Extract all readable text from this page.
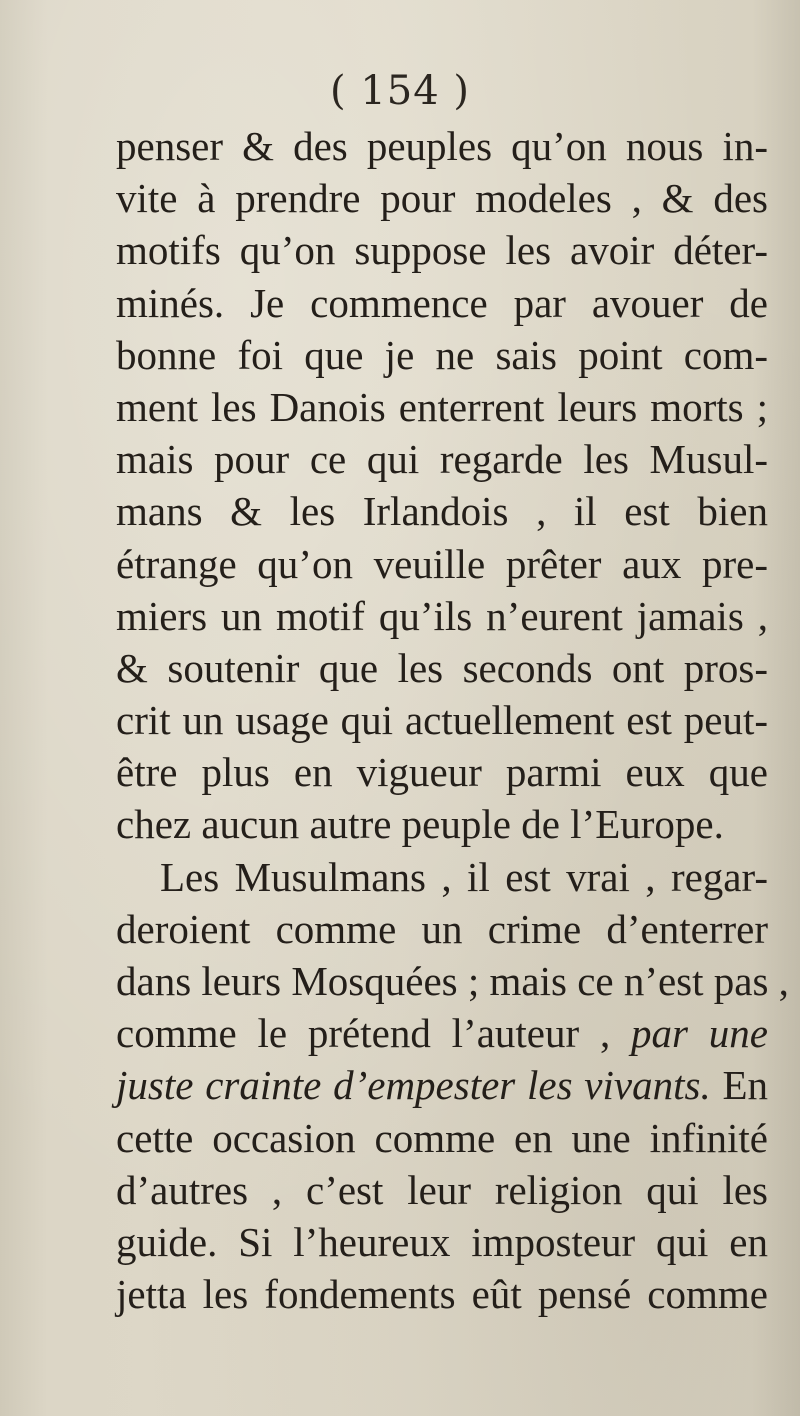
( 154 )
penser & des peuples qu’on nous in-
vite à prendre pour modeles , & des
motifs qu’on suppose les avoir déter-
minés. Je commence par avouer de
bonne foi que je ne sais point com-
ment les Danois enterrent leurs morts ;
mais pour ce qui regarde les Musul-
mans & les Irlandois , il est bien
étrange qu’on veuille prêter aux pre-
miers un motif qu’ils n’eurent jamais ,
& soutenir que les seconds ont pros-
crit un usage qui actuellement est peut-
être plus en vigueur parmi eux que
chez aucun autre peuple de l’Europe.
Les Musulmans , il est vrai , regar-
deroient comme un crime d’enterrer
dans leurs Mosquées ; mais ce n’est pas ,
comme le prétend l’auteur , par une
juste crainte d’empester les vivants. En
cette occasion comme en une infinité
d’autres , c’est leur religion qui les
guide. Si l’heureux imposteur qui en
jetta les fondements eût pensé comme
